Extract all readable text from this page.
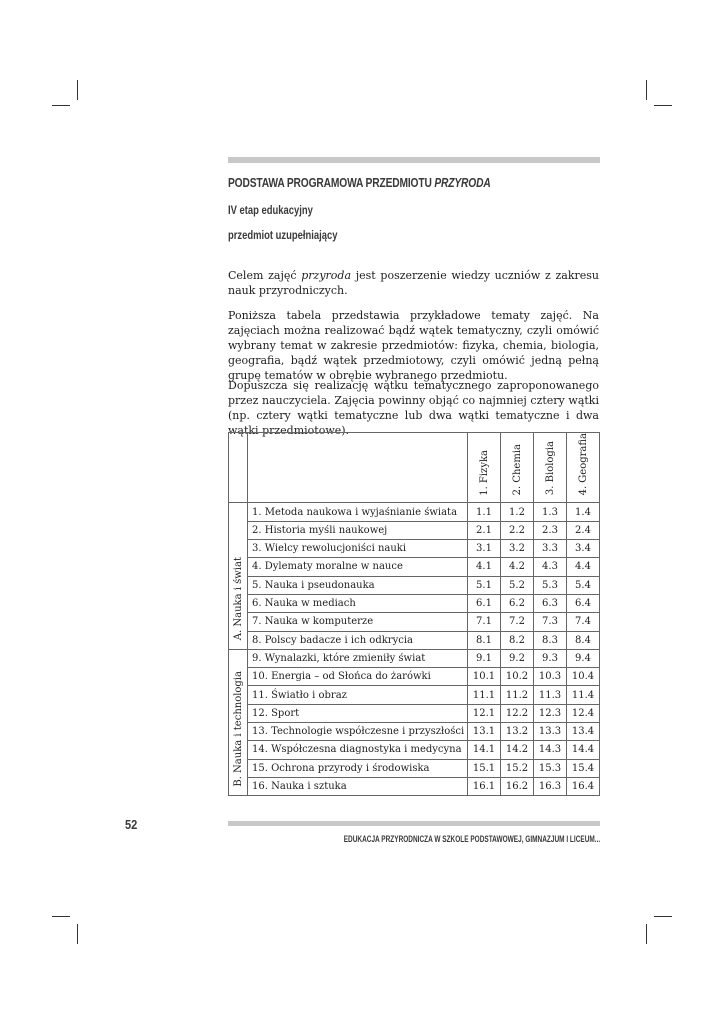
PODSTAWA PROGRAMOWA PRZEDMIOTU PRZYRODA
IV etap edukacyjny
przedmiot uzupełniający

Celem zajęć przyroda jest poszerzenie wiedzy uczniów z zakresu nauk przyrodniczych.

Poniższa tabela przedstawia przykładowe tematy zajęć. Na zajęciach można realizować bądź wątek tematyczny, czyli omówić wybrany temat w zakresie przedmiotów: fizyka, chemia, biologia, geografia, bądź wątek przedmiotowy, czyli omówić jedną pełną grupę tematów w obrębie wybranego przedmiotu.

Dopuszcza się realizację wątku tematycznego zaproponowanego przez nauczyciela. Zajęcia powinny objąć co najmniej cztery wątki (np. cztery wątki tematyczne lub dwa wątki tematyczne i dwa wątki przedmiotowe).

		1. Fizyka	2. Chemia	3. Biologia	4. Geografia
A. Nauka i świat	1. Metoda naukowa i wyjaśnianie świata	1.1	1.2	1.3	1.4
	2. Historia myśli naukowej	2.1	2.2	2.3	2.4
	3. Wielcy rewolucjoniści nauki	3.1	3.2	3.3	3.4
	4. Dylematy moralne w nauce	4.1	4.2	4.3	4.4
	5. Nauka i pseudonauka	5.1	5.2	5.3	5.4
	6. Nauka w mediach	6.1	6.2	6.3	6.4
	7. Nauka w komputerze	7.1	7.2	7.3	7.4
	8. Polscy badacze i ich odkrycia	8.1	8.2	8.3	8.4
B. Nauka i technologia	9. Wynalazki, które zmieniły świat	9.1	9.2	9.3	9.4
	10. Energia – od Słońca do żarówki	10.1	10.2	10.3	10.4
	11. Światło i obraz	11.1	11.2	11.3	11.4
	12. Sport	12.1	12.2	12.3	12.4
	13. Technologie współczesne i przyszłości	13.1	13.2	13.3	13.4
	14. Współczesna diagnostyka i medycyna	14.1	14.2	14.3	14.4
	15. Ochrona przyrody i środowiska	15.1	15.2	15.3	15.4
	16. Nauka i sztuka	16.1	16.2	16.3	16.4
52
EDUKACJA PRZYRODNICZA W SZKOLE PODSTAWOWEJ, GIMNAZJUM I LICEUM...
